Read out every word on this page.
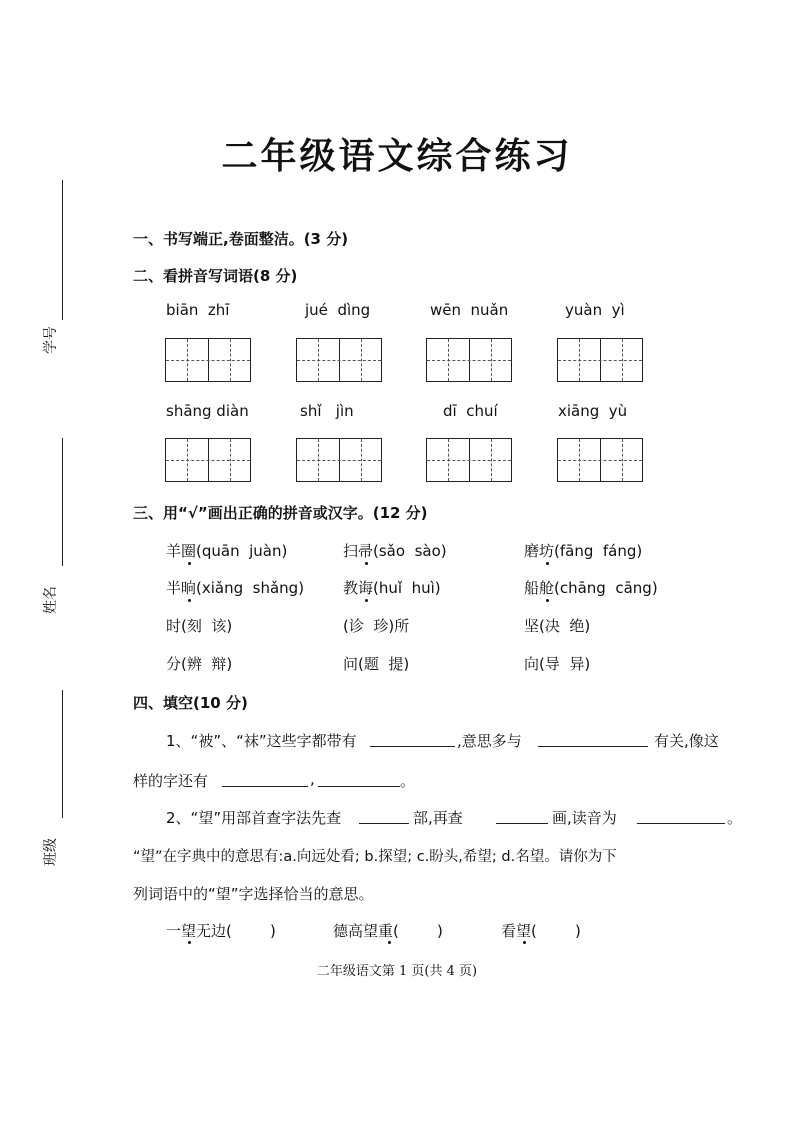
学号
姓名
班级
二年级语文综合练习
一、书写端正,卷面整洁。(3 分)
二、看拼音写词语(8 分)
biān  zhī	jué  dìng	wēn  nuǎn	yuàn  yì
shāng diàn	shǐ   jìn	dī  chuí	xiāng  yù
三、用“√”画出正确的拼音或汉字。(12 分)
羊圈(quān  juàn)	扫帚(sǎo  sào)	磨坊(fāng  fáng)
半晌(xiǎng  shǎng)	教诲(huǐ  huì)	船舱(chāng  cāng)
时(刻  该)	(诊  珍)所	坚(决  绝)
分(辨  辩)	问(题  提)	向(导  异)
四、填空(10 分)
1、“被”、“袜”这些字都带有	,意思多与	有关,像这
样的字还有	,	。
2、“望”用部首查字法先查	部,再查	画,读音为	。
“望”在字典中的意思有:a.向远处看; b.探望; c.盼头,希望; d.名望。请你为下
列词语中的“望”字选择恰当的意思。
一望无边(        )	德高望重(        )	看望(        )
二年级语文第 1 页(共 4 页)
